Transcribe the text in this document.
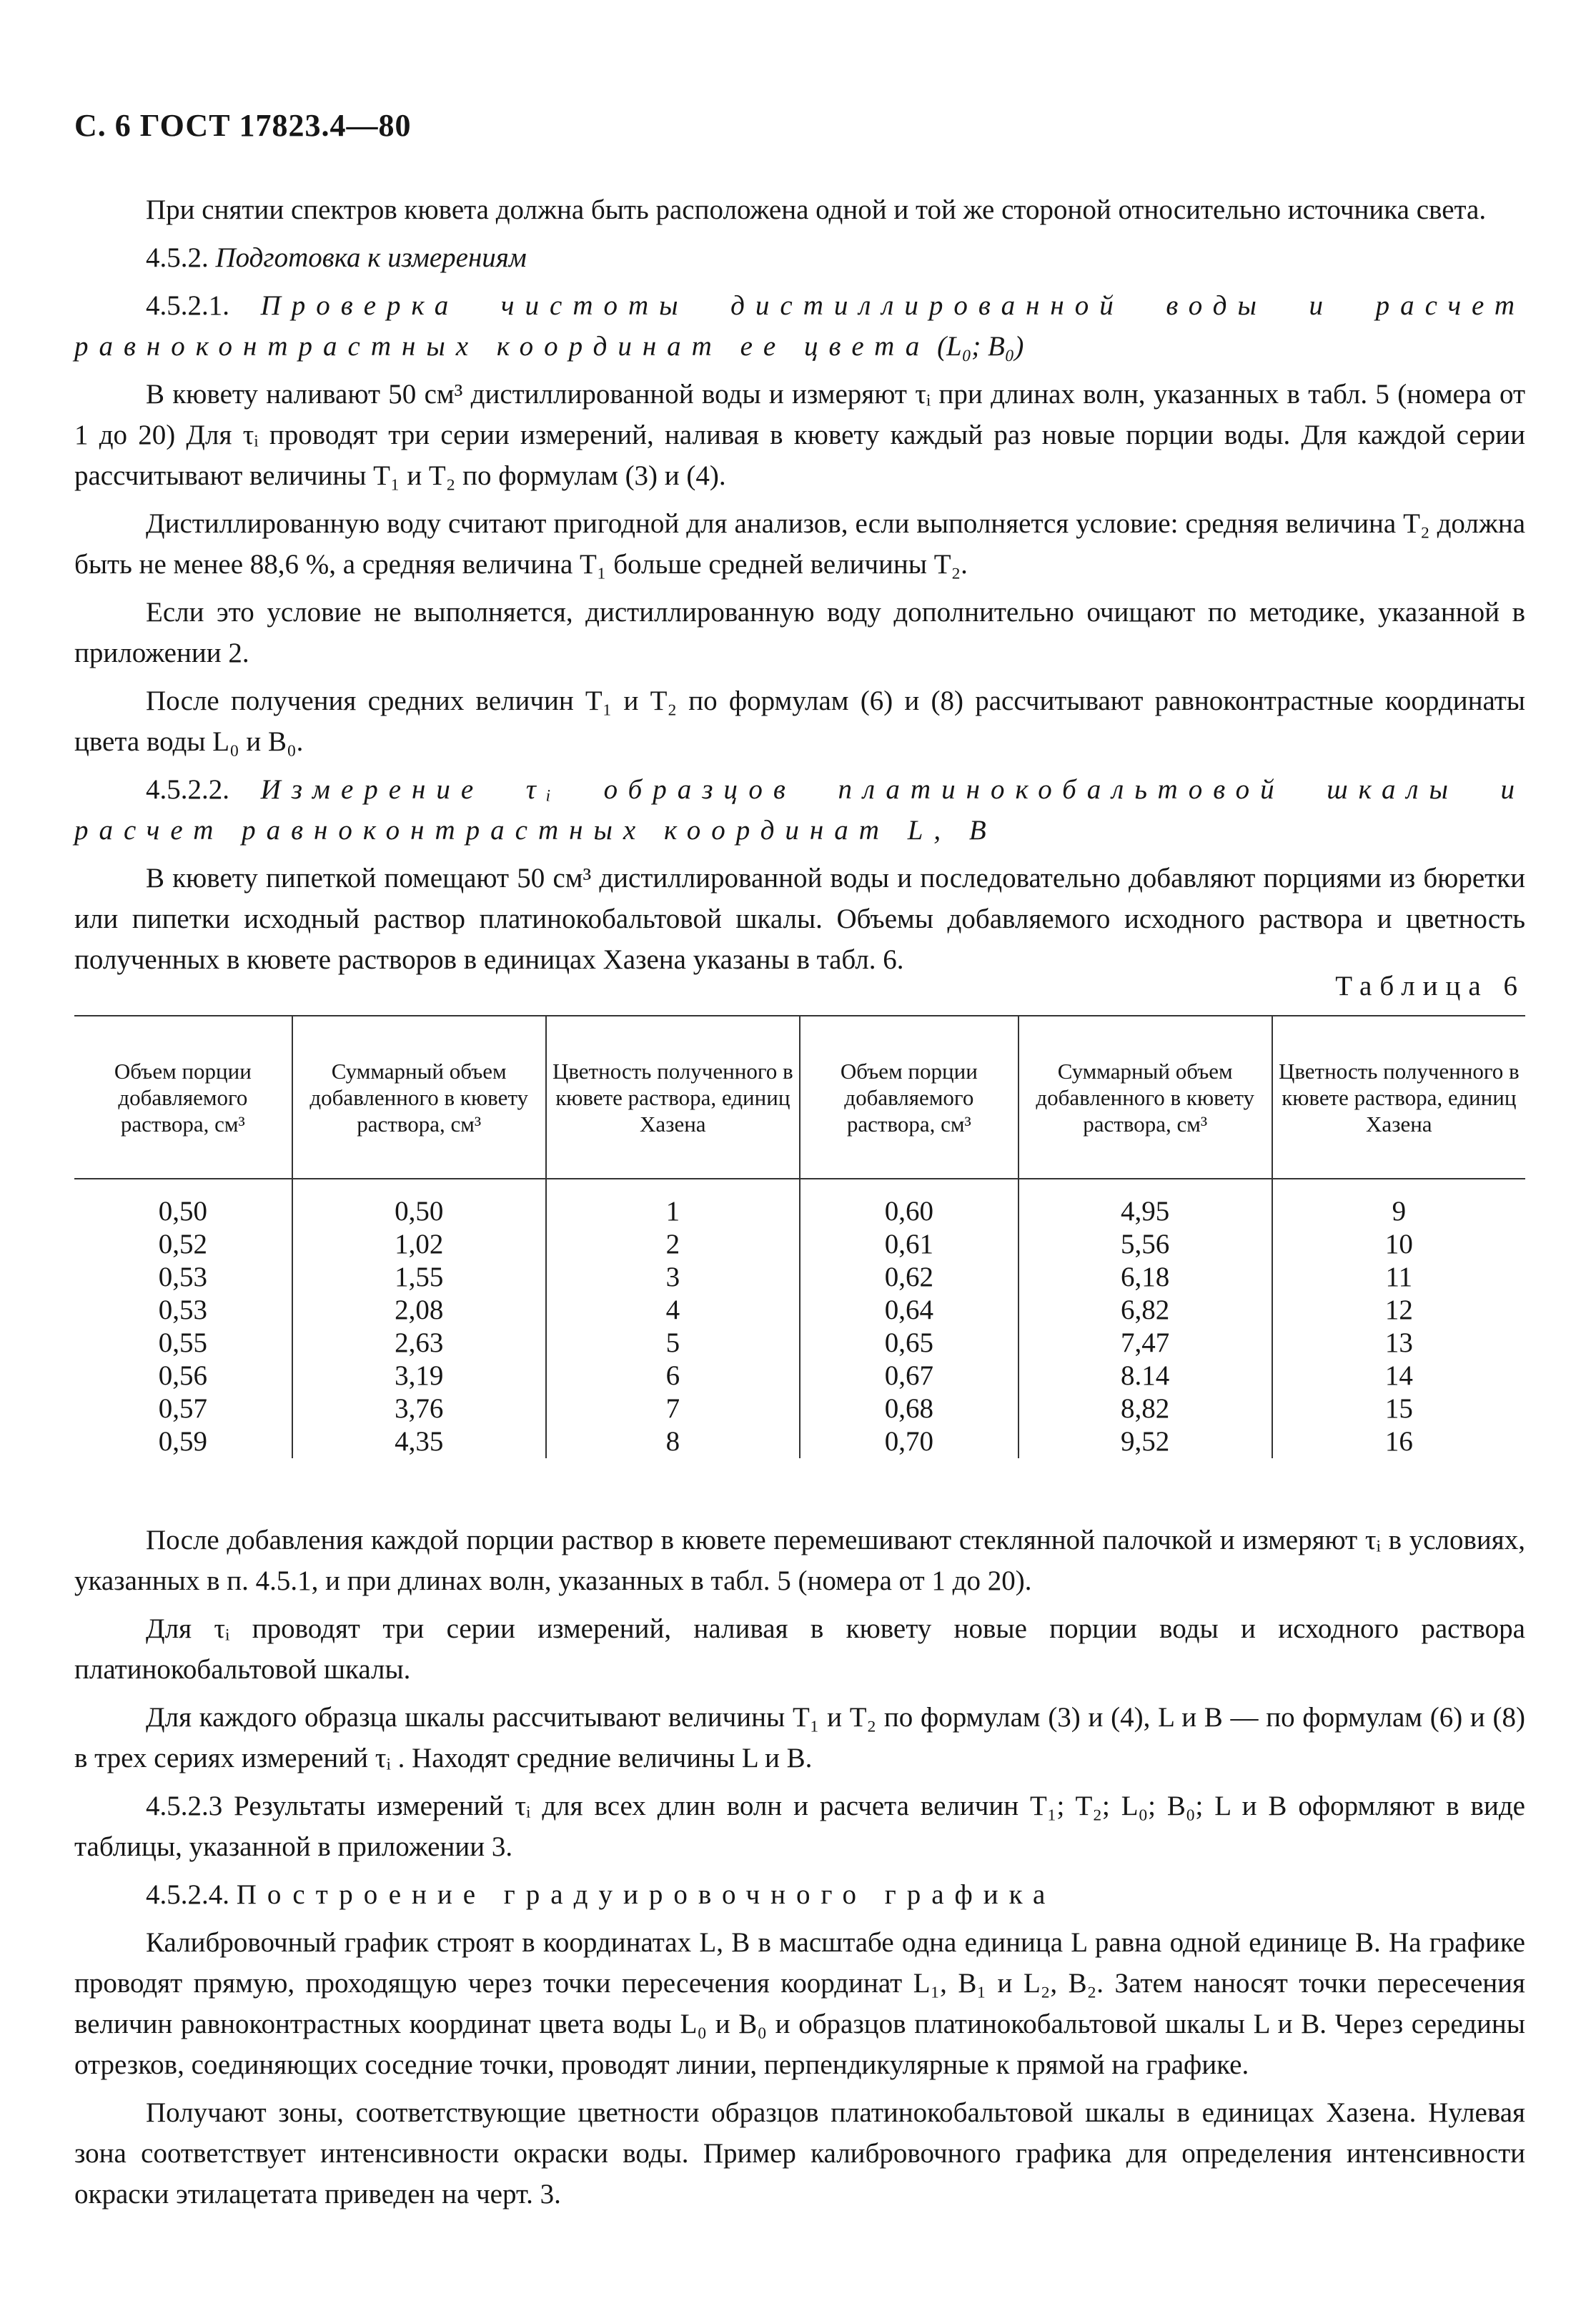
С. 6 ГОСТ 17823.4—80

При снятии спектров кювета должна быть расположена одной и той же стороной относительно источника света.

4.5.2. Подготовка к измерениям

4.5.2.1. Проверка чистоты дистиллированной воды и расчет равноконтрастных координат ее цвета (L₀; B₀)

В кювету наливают 50 см³ дистиллированной воды и измеряют τᵢ при длинах волн, указанных в табл. 5 (номера от 1 до 20) Для τᵢ проводят три серии измерений, наливая в кювету каждый раз новые порции воды. Для каждой серии рассчитывают величины T₁ и T₂ по формулам (3) и (4).

Дистиллированную воду считают пригодной для анализов, если выполняется условие: средняя величина T₂ должна быть не менее 88,6 %, а средняя величина T₁ больше средней величины T₂.

Если это условие не выполняется, дистиллированную воду дополнительно очищают по методике, указанной в приложении 2.

После получения средних величин T₁ и T₂ по формулам (6) и (8) рассчитывают равноконтрастные координаты цвета воды L₀ и B₀.

4.5.2.2. Измерение τᵢ образцов платинокобальтовой шкалы и расчет равноконтрастных координат L, B

В кювету пипеткой помещают 50 см³ дистиллированной воды и последовательно добавляют порциями из бюретки или пипетки исходный раствор платинокобальтовой шкалы. Объемы добавляемого исходного раствора и цветность полученных в кювете растворов в единицах Хазена указаны в табл. 6.

Таблица 6
Объем порции добавляемого раствора, см³	Суммарный объем добавленного в кювету раствора, см³	Цветность полученного в кювете раствора, единиц Хазена	Объем порции добавляемого раствора, см³	Суммарный объем добавленного в кювету раствора, см³	Цветность полученного в кювете раствора, единиц Хазена
0,50	0,50	1	0,60	4,95	9
0,52	1,02	2	0,61	5,56	10
0,53	1,55	3	0,62	6,18	11
0,53	2,08	4	0,64	6,82	12
0,55	2,63	5	0,65	7,47	13
0,56	3,19	6	0,67	8.14	14
0,57	3,76	7	0,68	8,82	15
0,59	4,35	8	0,70	9,52	16

После добавления каждой порции раствор в кювете перемешивают стеклянной палочкой и измеряют τᵢ в условиях, указанных в п. 4.5.1, и при длинах волн, указанных в табл. 5 (номера от 1 до 20).

Для τᵢ проводят три серии измерений, наливая в кювету новые порции воды и исходного раствора платинокобальтовой шкалы.

Для каждого образца шкалы рассчитывают величины T₁ и T₂ по формулам (3) и (4), L и B — по формулам (6) и (8) в трех сериях измерений τᵢ . Находят средние величины L и B.

4.5.2.3 Результаты измерений τᵢ для всех длин волн и расчета величин T₁; T₂; L₀; B₀; L и B оформляют в виде таблицы, указанной в приложении 3.

4.5.2.4. Построение градуировочного графика

Калибровочный график строят в координатах L, B в масштабе одна единица L равна одной единице B. На графике проводят прямую, проходящую через точки пересечения координат L₁, B₁ и L₂, B₂. Затем наносят точки пересечения величин равноконтрастных координат цвета воды L₀ и B₀ и образцов платинокобальтовой шкалы L и B. Через середины отрезков, соединяющих соседние точки, проводят линии, перпендикулярные к прямой на графике.

Получают зоны, соответствующие цветности образцов платинокобальтовой шкалы в единицах Хазена. Нулевая зона соответствует интенсивности окраски воды. Пример калибровочного графика для определения интенсивности окраски этилацетата приведен на черт. 3.
